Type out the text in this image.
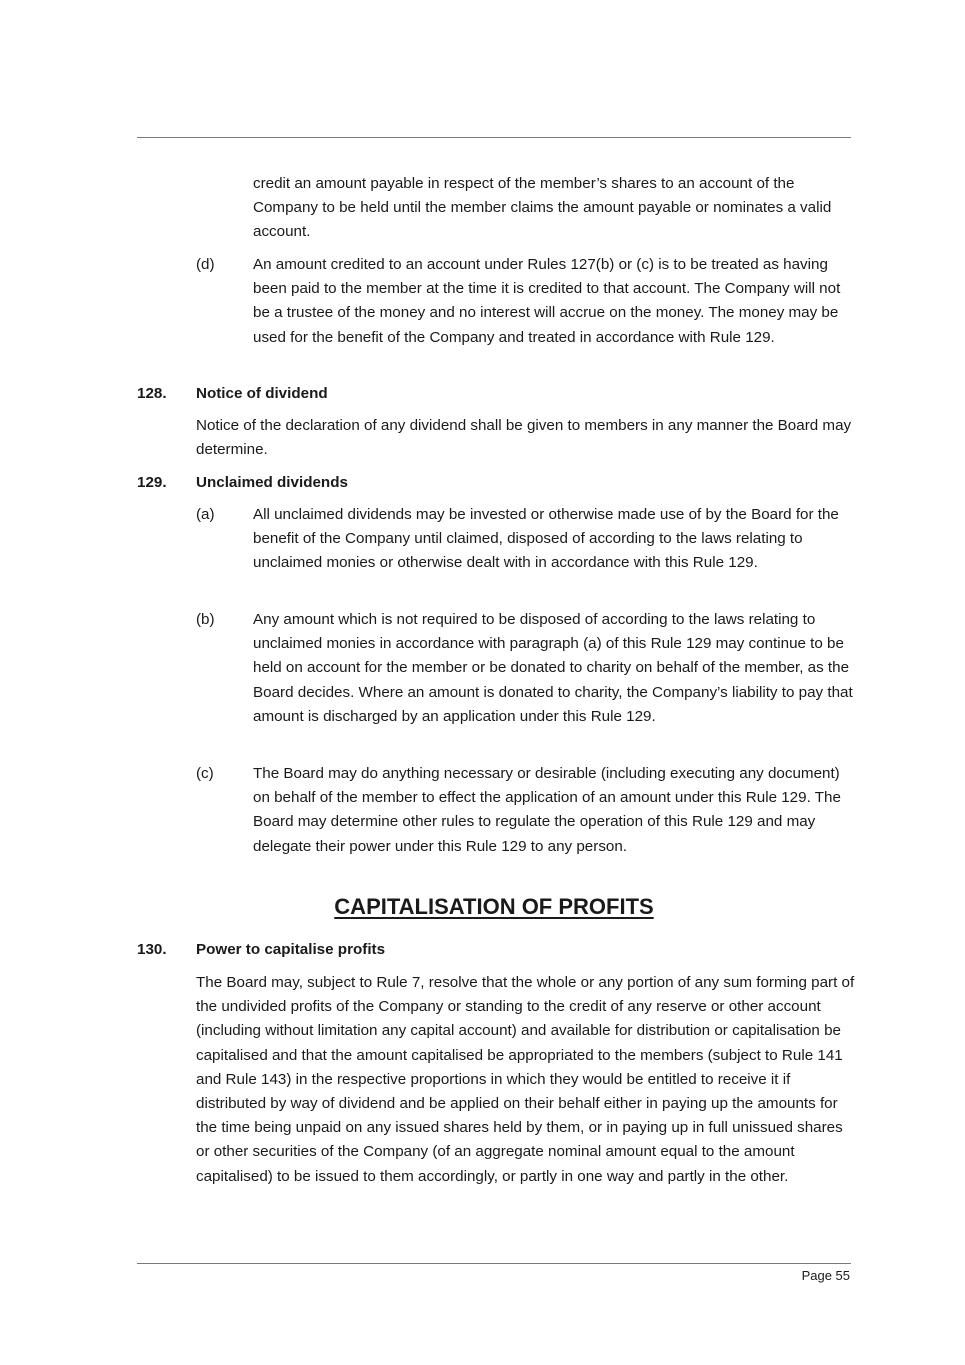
credit an amount payable in respect of the member’s shares to an account of the Company to be held until the member claims the amount payable or nominates a valid account.
(d)	An amount credited to an account under Rules 127(b) or (c) is to be treated as having been paid to the member at the time it is credited to that account. The Company will not be a trustee of the money and no interest will accrue on the money. The money may be used for the benefit of the Company and treated in accordance with Rule 129.
128. Notice of dividend
Notice of the declaration of any dividend shall be given to members in any manner the Board may determine.
129. Unclaimed dividends
(a)	All unclaimed dividends may be invested or otherwise made use of by the Board for the benefit of the Company until claimed, disposed of according to the laws relating to unclaimed monies or otherwise dealt with in accordance with this Rule 129.
(b)	Any amount which is not required to be disposed of according to the laws relating to unclaimed monies in accordance with paragraph (a) of this Rule 129 may continue to be held on account for the member or be donated to charity on behalf of the member, as the Board decides. Where an amount is donated to charity, the Company’s liability to pay that amount is discharged by an application under this Rule 129.
(c)	The Board may do anything necessary or desirable (including executing any document) on behalf of the member to effect the application of an amount under this Rule 129. The Board may determine other rules to regulate the operation of this Rule 129 and may delegate their power under this Rule 129 to any person.
CAPITALISATION OF PROFITS
130. Power to capitalise profits
The Board may, subject to Rule 7, resolve that the whole or any portion of any sum forming part of the undivided profits of the Company or standing to the credit of any reserve or other account (including without limitation any capital account) and available for distribution or capitalisation be capitalised and that the amount capitalised be appropriated to the members (subject to Rule 141 and Rule 143) in the respective proportions in which they would be entitled to receive it if distributed by way of dividend and be applied on their behalf either in paying up the amounts for the time being unpaid on any issued shares held by them, or in paying up in full unissued shares or other securities of the Company (of an aggregate nominal amount equal to the amount capitalised) to be issued to them accordingly, or partly in one way and partly in the other.
Page 55
